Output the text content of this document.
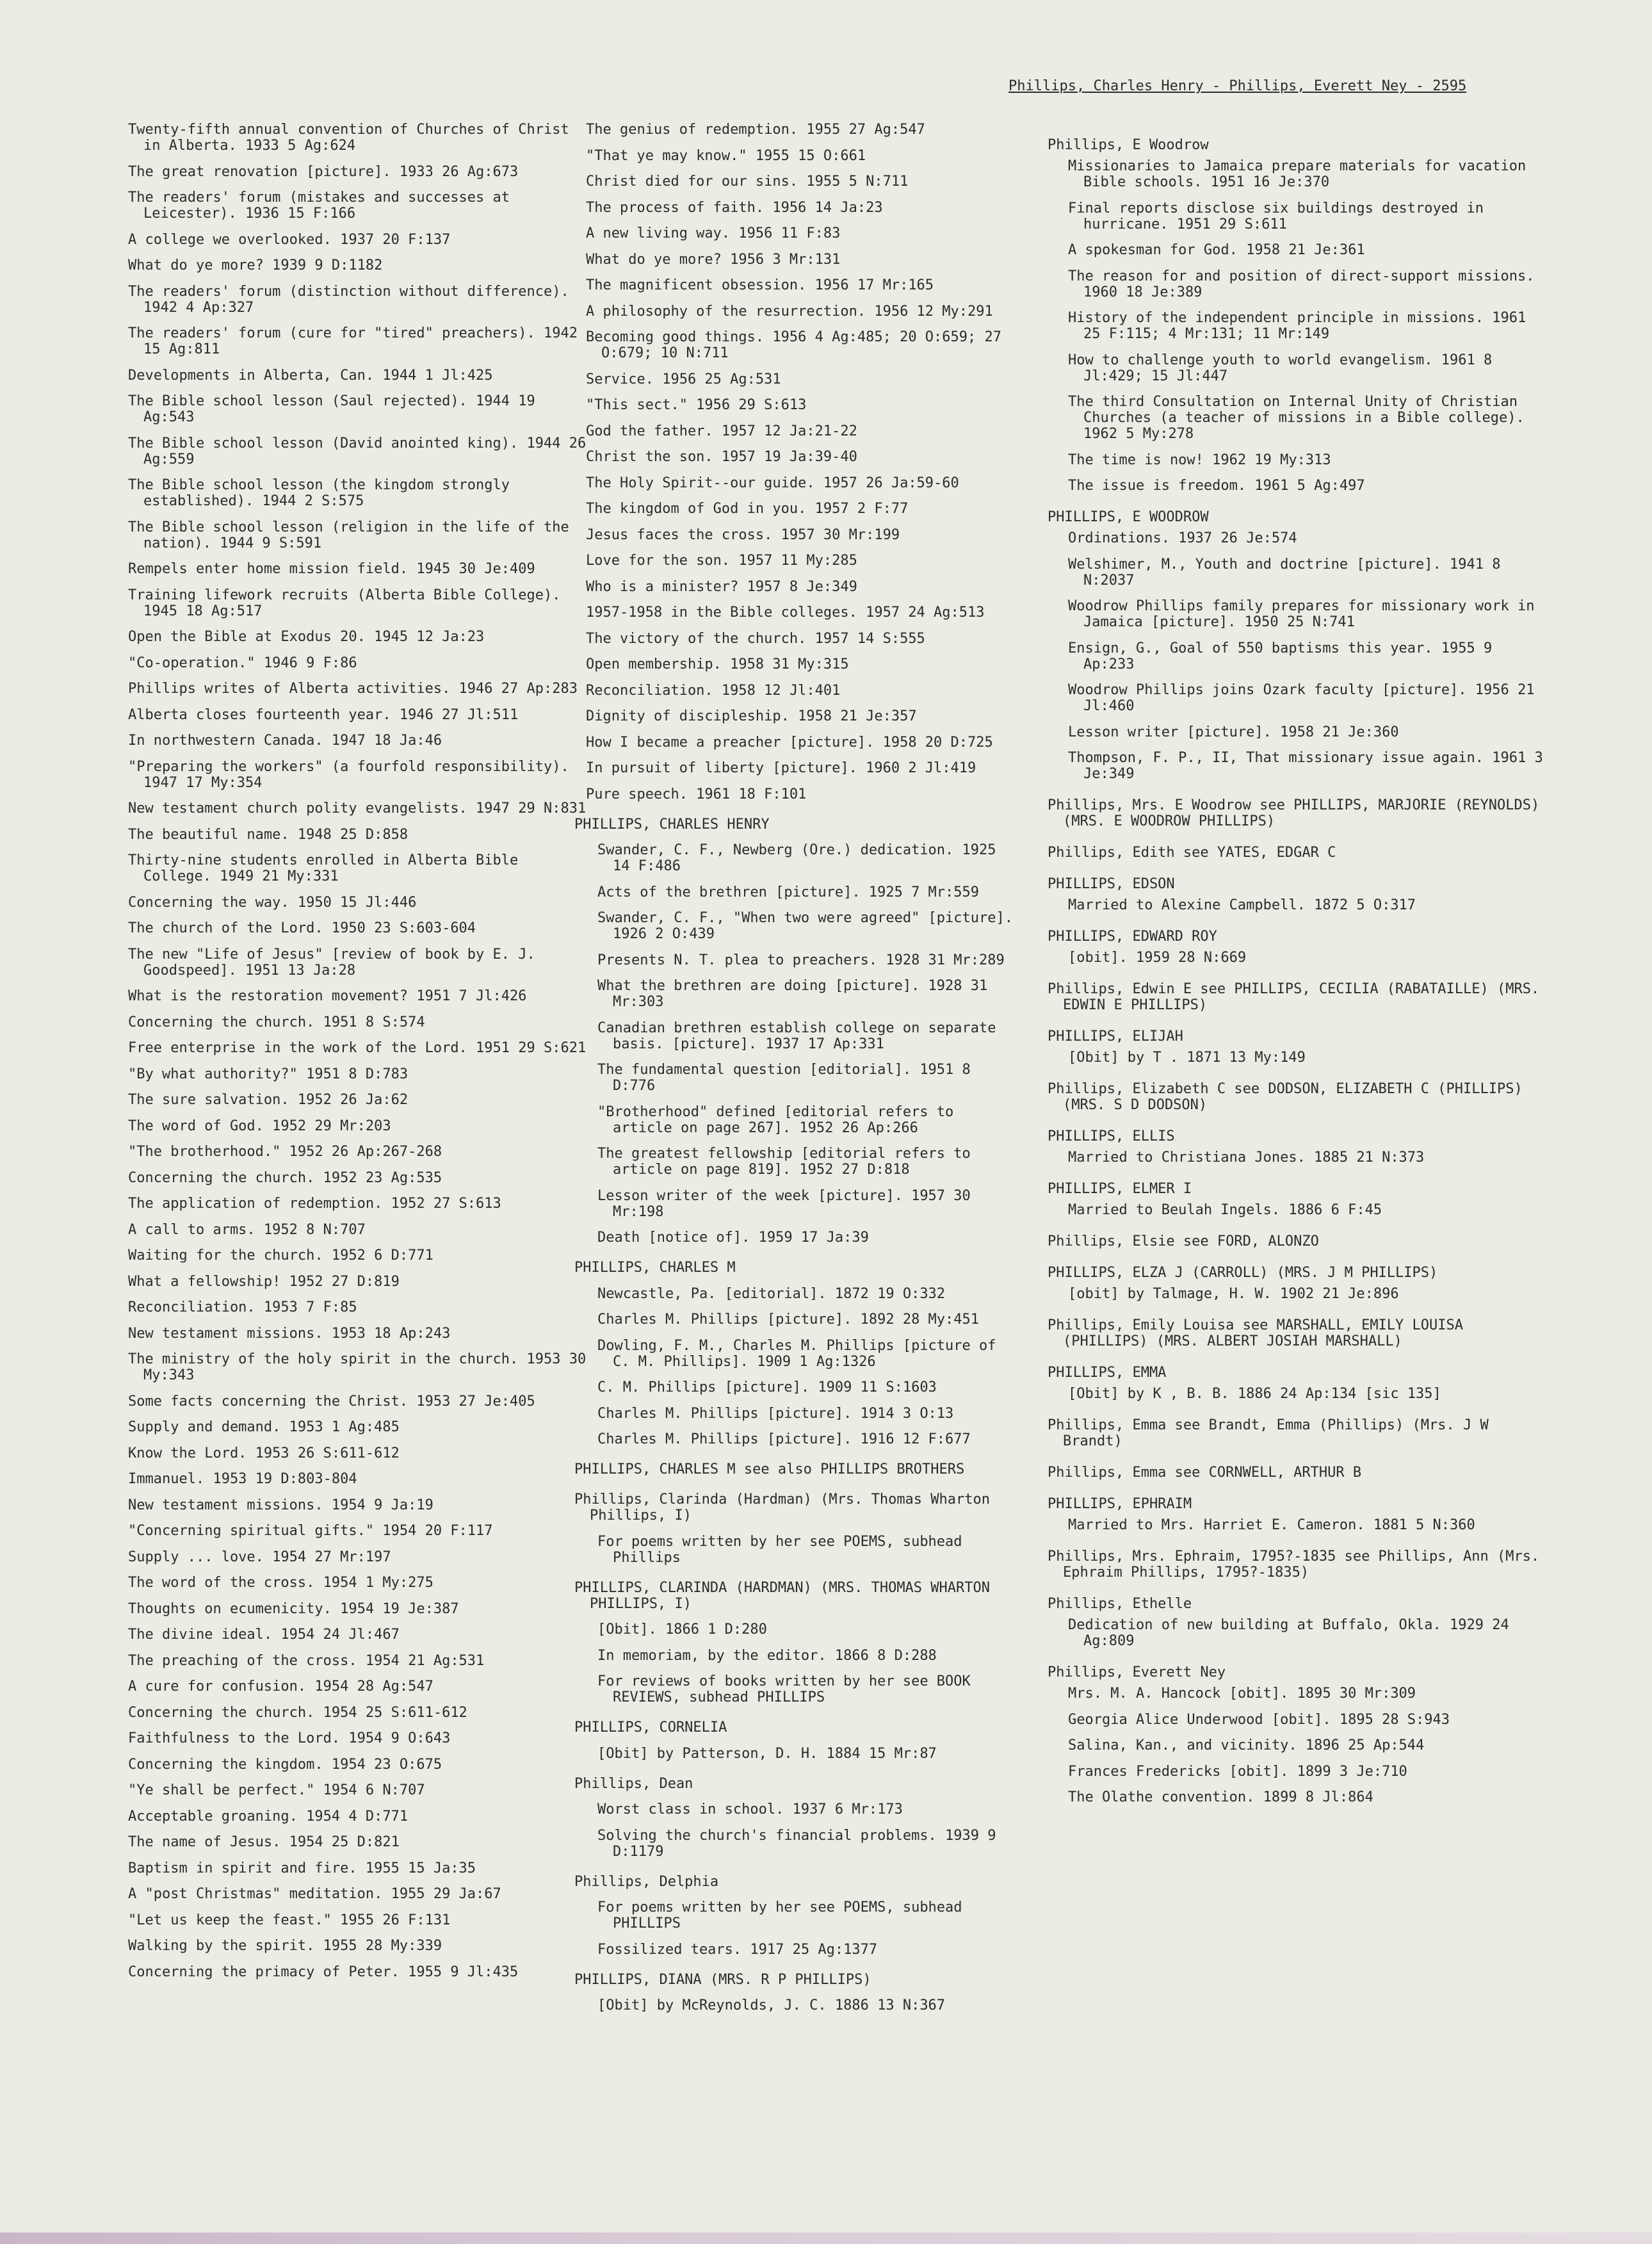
Phillips, Charles Henry - Phillips, Everett Ney - 2595
Twenty-fifth annual convention of Churches of Christ in Alberta. 1933 5 Ag:624
The great renovation [picture]. 1933 26 Ag:673
The readers' forum (mistakes and successes at Leicester). 1936 15 F:166
A college we overlooked. 1937 20 F:137
What do ye more? 1939 9 D:1182
The readers' forum (distinction without difference). 1942 4 Ap:327
The readers' forum (cure for "tired" preachers). 1942 15 Ag:811
Developments in Alberta, Can. 1944 1 Jl:425
The Bible school lesson (Saul rejected). 1944 19 Ag:543
The Bible school lesson (David anointed king). 1944 26 Ag:559
The Bible school lesson (the kingdom strongly established). 1944 2 S:575
The Bible school lesson (religion in the life of the nation). 1944 9 S:591
Rempels enter home mission field. 1945 30 Je:409
Training lifework recruits (Alberta Bible College). 1945 18 Ag:517
Open the Bible at Exodus 20. 1945 12 Ja:23
"Co-operation." 1946 9 F:86
Phillips writes of Alberta activities. 1946 27 Ap:283
Alberta closes fourteenth year. 1946 27 Jl:511
In northwestern Canada. 1947 18 Ja:46
"Preparing the workers" (a fourfold responsibility). 1947 17 My:354
New testament church polity evangelists. 1947 29 N:831
The beautiful name. 1948 25 D:858
Thirty-nine students enrolled in Alberta Bible College. 1949 21 My:331
Concerning the way. 1950 15 Jl:446
The church of the Lord. 1950 23 S:603-604
The new "Life of Jesus" [review of book by E. J. Goodspeed]. 1951 13 Ja:28
What is the restoration movement? 1951 7 Jl:426
Concerning the church. 1951 8 S:574
Free enterprise in the work of the Lord. 1951 29 S:621
"By what authority?" 1951 8 D:783
The sure salvation. 1952 26 Ja:62
The word of God. 1952 29 Mr:203
"The brotherhood." 1952 26 Ap:267-268
Concerning the church. 1952 23 Ag:535
The application of redemption. 1952 27 S:613
A call to arms. 1952 8 N:707
Waiting for the church. 1952 6 D:771
What a fellowship! 1952 27 D:819
Reconciliation. 1953 7 F:85
New testament missions. 1953 18 Ap:243
The ministry of the holy spirit in the church. 1953 30 My:343
Some facts concerning the Christ. 1953 27 Je:405
Supply and demand. 1953 1 Ag:485
Know the Lord. 1953 26 S:611-612
Immanuel. 1953 19 D:803-804
New testament missions. 1954 9 Ja:19
"Concerning spiritual gifts." 1954 20 F:117
Supply ... love. 1954 27 Mr:197
The word of the cross. 1954 1 My:275
Thoughts on ecumenicity. 1954 19 Je:387
The divine ideal. 1954 24 Jl:467
The preaching of the cross. 1954 21 Ag:531
A cure for confusion. 1954 28 Ag:547
Concerning the church. 1954 25 S:611-612
Faithfulness to the Lord. 1954 9 O:643
Concerning the kingdom. 1954 23 O:675
"Ye shall be perfect." 1954 6 N:707
Acceptable groaning. 1954 4 D:771
The name of Jesus. 1954 25 D:821
Baptism in spirit and fire. 1955 15 Ja:35
A "post Christmas" meditation. 1955 29 Ja:67
"Let us keep the feast." 1955 26 F:131
Walking by the spirit. 1955 28 My:339
Concerning the primacy of Peter. 1955 9 Jl:435
The genius of redemption. 1955 27 Ag:547
"That ye may know." 1955 15 O:661
Christ died for our sins. 1955 5 N:711
The process of faith. 1956 14 Ja:23
A new living way. 1956 11 F:83
What do ye more? 1956 3 Mr:131
The magnificent obsession. 1956 17 Mr:165
A philosophy of the resurrection. 1956 12 My:291
Becoming good things. 1956 4 Ag:485; 20 O:659; 27 O:679; 10 N:711
Service. 1956 25 Ag:531
"This sect." 1956 29 S:613
God the father. 1957 12 Ja:21-22
Christ the son. 1957 19 Ja:39-40
The Holy Spirit--our guide. 1957 26 Ja:59-60
The kingdom of God in you. 1957 2 F:77
Jesus faces the cross. 1957 30 Mr:199
Love for the son. 1957 11 My:285
Who is a minister? 1957 8 Je:349
1957-1958 in the Bible colleges. 1957 24 Ag:513
The victory of the church. 1957 14 S:555
Open membership. 1958 31 My:315
Reconciliation. 1958 12 Jl:401
Dignity of discipleship. 1958 21 Je:357
How I became a preacher [picture]. 1958 20 D:725
In pursuit of liberty [picture]. 1960 2 Jl:419
Pure speech. 1961 18 F:101
PHILLIPS, CHARLES HENRY
Swander, C. F., Newberg (Ore.) dedication. 1925 14 F:486
Acts of the brethren [picture]. 1925 7 Mr:559
Swander, C. F., "When two were agreed" [picture]. 1926 2 O:439
Presents N. T. plea to preachers. 1928 31 Mr:289
What the brethren are doing [picture]. 1928 31 Mr:303
Canadian brethren establish college on separate basis. [picture]. 1937 17 Ap:331
The fundamental question [editorial]. 1951 8 D:776
"Brotherhood" defined [editorial refers to article on page 267]. 1952 26 Ap:266
The greatest fellowship [editorial refers to article on page 819]. 1952 27 D:818
Lesson writer of the week [picture]. 1957 30 Mr:198
Death [notice of]. 1959 17 Ja:39
PHILLIPS, CHARLES M
Newcastle, Pa. [editorial]. 1872 19 O:332
Charles M. Phillips [picture]. 1892 28 My:451
Dowling, F. M., Charles M. Phillips [picture of C. M. Phillips]. 1909 1 Ag:1326
C. M. Phillips [picture]. 1909 11 S:1603
Charles M. Phillips [picture]. 1914 3 O:13
Charles M. Phillips [picture]. 1916 12 F:677
PHILLIPS, CHARLES M see also PHILLIPS BROTHERS
Phillips, Clarinda (Hardman) (Mrs. Thomas Wharton Phillips, I)
For poems written by her see POEMS, subhead Phillips
PHILLIPS, CLARINDA (HARDMAN) (MRS. THOMAS WHARTON PHILLIPS, I)
[Obit]. 1866 1 D:280
In memoriam, by the editor. 1866 8 D:288
For reviews of books written by her see BOOK REVIEWS, subhead PHILLIPS
PHILLIPS, CORNELIA
[Obit] by Patterson, D. H. 1884 15 Mr:87
Phillips, Dean
Worst class in school. 1937 6 Mr:173
Solving the church's financial problems. 1939 9 D:1179
Phillips, Delphia
For poems written by her see POEMS, subhead PHILLIPS
Fossilized tears. 1917 25 Ag:1377
PHILLIPS, DIANA (MRS. R P PHILLIPS)
[Obit] by McReynolds, J. C. 1886 13 N:367
Phillips, E Woodrow
Missionaries to Jamaica prepare materials for vacation Bible schools. 1951 16 Je:370
Final reports disclose six buildings destroyed in hurricane. 1951 29 S:611
A spokesman for God. 1958 21 Je:361
The reason for and position of direct-support missions. 1960 18 Je:389
History of the independent principle in missions. 1961 25 F:115; 4 Mr:131; 11 Mr:149
How to challenge youth to world evangelism. 1961 8 Jl:429; 15 Jl:447
The third Consultation on Internal Unity of Christian Churches (a teacher of missions in a Bible college). 1962 5 My:278
The time is now! 1962 19 My:313
The issue is freedom. 1961 5 Ag:497
PHILLIPS, E WOODROW
Ordinations. 1937 26 Je:574
Welshimer, M., Youth and doctrine [picture]. 1941 8 N:2037
Woodrow Phillips family prepares for missionary work in Jamaica [picture]. 1950 25 N:741
Ensign, G., Goal of 550 baptisms this year. 1955 9 Ap:233
Woodrow Phillips joins Ozark faculty [picture]. 1956 21 Jl:460
Lesson writer [picture]. 1958 21 Je:360
Thompson, F. P., II, That missionary issue again. 1961 3 Je:349
Phillips, Mrs. E Woodrow see PHILLIPS, MARJORIE (REYNOLDS) (MRS. E WOODROW PHILLIPS)
Phillips, Edith see YATES, EDGAR C
PHILLIPS, EDSON
Married to Alexine Campbell. 1872 5 O:317
PHILLIPS, EDWARD ROY
[obit]. 1959 28 N:669
Phillips, Edwin E see PHILLIPS, CECILIA (RABATAILLE) (MRS. EDWIN E PHILLIPS)
PHILLIPS, ELIJAH
[Obit] by T . 1871 13 My:149
Phillips, Elizabeth C see DODSON, ELIZABETH C (PHILLIPS) (MRS. S D DODSON)
PHILLIPS, ELLIS
Married to Christiana Jones. 1885 21 N:373
PHILLIPS, ELMER I
Married to Beulah Ingels. 1886 6 F:45
Phillips, Elsie see FORD, ALONZO
PHILLIPS, ELZA J (CARROLL) (MRS. J M PHILLIPS)
[obit] by Talmage, H. W. 1902 21 Je:896
Phillips, Emily Louisa see MARSHALL, EMILY LOUISA (PHILLIPS) (MRS. ALBERT JOSIAH MARSHALL)
PHILLIPS, EMMA
[Obit] by K , B. B. 1886 24 Ap:134 [sic 135]
Phillips, Emma see Brandt, Emma (Phillips) (Mrs. J W Brandt)
Phillips, Emma see CORNWELL, ARTHUR B
PHILLIPS, EPHRAIM
Married to Mrs. Harriet E. Cameron. 1881 5 N:360
Phillips, Mrs. Ephraim, 1795?-1835 see Phillips, Ann (Mrs. Ephraim Phillips, 1795?-1835)
Phillips, Ethelle
Dedication of new building at Buffalo, Okla. 1929 24 Ag:809
Phillips, Everett Ney
Mrs. M. A. Hancock [obit]. 1895 30 Mr:309
Georgia Alice Underwood [obit]. 1895 28 S:943
Salina, Kan., and vicinity. 1896 25 Ap:544
Frances Fredericks [obit]. 1899 3 Je:710
The Olathe convention. 1899 8 Jl:864
